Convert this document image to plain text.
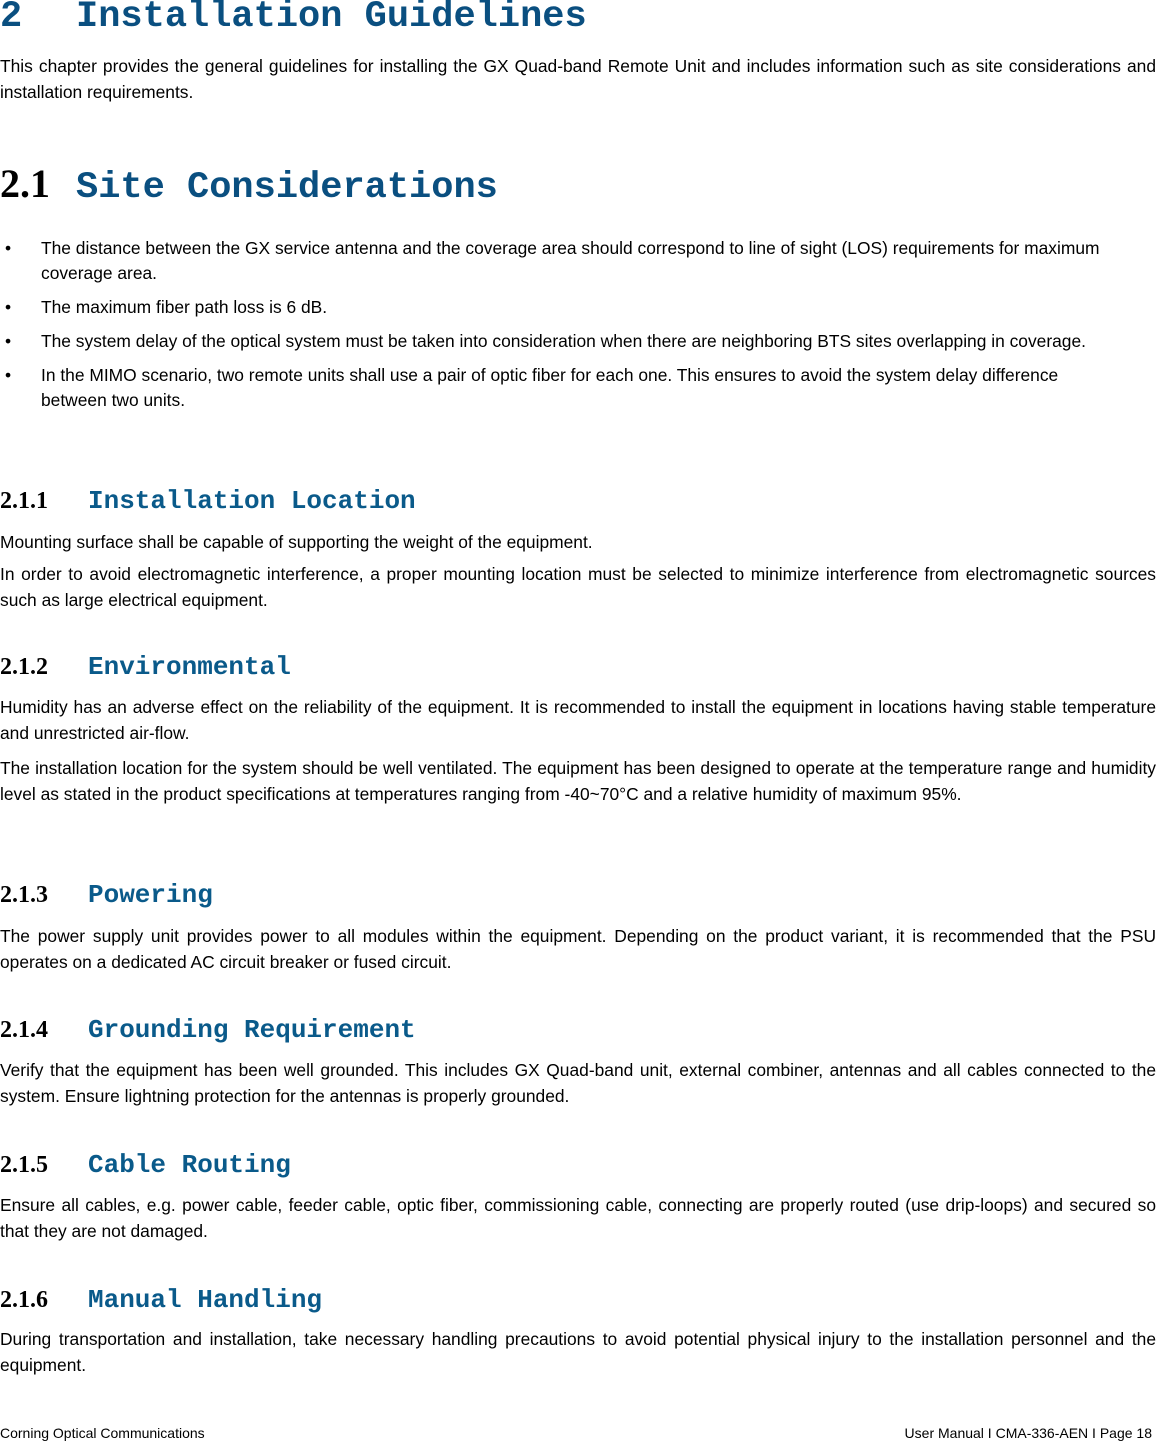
2 Installation Guidelines

This chapter provides the general guidelines for installing the GX Quad-band Remote Unit and includes information such as site considerations and installation requirements.

2.1 Site Considerations
• The distance between the GX service antenna and the coverage area should correspond to line of sight (LOS) requirements for maximum coverage area.
• The maximum fiber path loss is 6 dB.
• The system delay of the optical system must be taken into consideration when there are neighboring BTS sites overlapping in coverage.
• In the MIMO scenario, two remote units shall use a pair of optic fiber for each one. This ensures to avoid the system delay difference between two units.
2.1.1 Installation Location

Mounting surface shall be capable of supporting the weight of the equipment.

In order to avoid electromagnetic interference, a proper mounting location must be selected to minimize interference from electromagnetic sources such as large electrical equipment.

2.1.2 Environmental

Humidity has an adverse effect on the reliability of the equipment. It is recommended to install the equipment in locations having stable temperature and unrestricted air-flow.

The installation location for the system should be well ventilated. The equipment has been designed to operate at the temperature range and humidity level as stated in the product specifications at temperatures ranging from -40~70°C and a relative humidity of maximum 95%.

2.1.3 Powering

The power supply unit provides power to all modules within the equipment. Depending on the product variant, it is recommended that the PSU operates on a dedicated AC circuit breaker or fused circuit.

2.1.4 Grounding Requirement

Verify that the equipment has been well grounded. This includes GX Quad-band unit, external combiner, antennas and all cables connected to the system. Ensure lightning protection for the antennas is properly grounded.

2.1.5 Cable Routing

Ensure all cables, e.g. power cable, feeder cable, optic fiber, commissioning cable, connecting are properly routed (use drip-loops) and secured so that they are not damaged.

2.1.6 Manual Handling

During transportation and installation, take necessary handling precautions to avoid potential physical injury to the installation personnel and the equipment.

Corning Optical Communications	User Manual I CMA-336-AEN I Page 18
